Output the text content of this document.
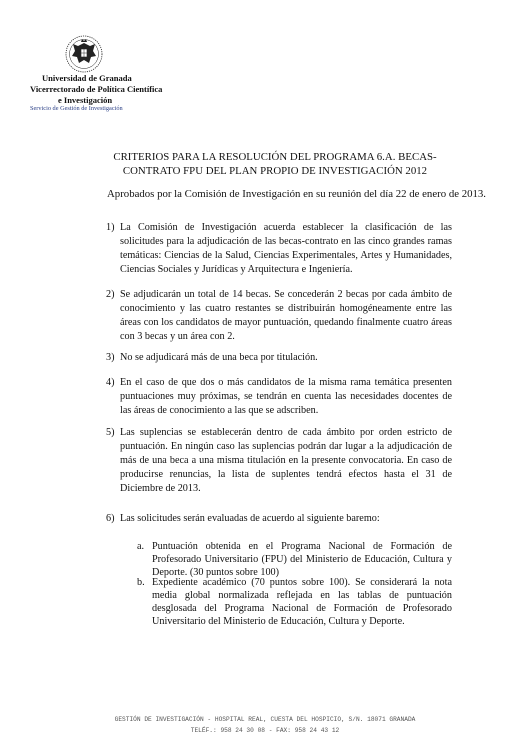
Universidad de Granada
Vicerrectorado de Política Científica
e Investigación
Servicio de Gestión de Investigación
CRITERIOS PARA LA RESOLUCIÓN DEL PROGRAMA 6.A. BECAS-
CONTRATO FPU DEL PLAN PROPIO DE INVESTIGACIÓN 2012
Aprobados por la Comisión de Investigación en su reunión del día 22 de enero de 2013.
1) La Comisión de Investigación acuerda establecer la clasificación de las solicitudes para la adjudicación de las becas-contrato en las cinco grandes ramas temáticas: Ciencias de la Salud, Ciencias Experimentales, Artes y Humanidades, Ciencias Sociales y Jurídicas y Arquitectura e Ingeniería.
2) Se adjudicarán un total de 14 becas. Se concederán 2 becas por cada ámbito de conocimiento y las cuatro restantes se distribuirán homogéneamente entre las áreas con los candidatos de mayor puntuación, quedando finalmente cuatro áreas con 3 becas y un área con 2.
3) No se adjudicará más de una beca por titulación.
4) En el caso de que dos o más candidatos de la misma rama temática presenten puntuaciones muy próximas, se tendrán en cuenta las necesidades docentes de las áreas de conocimiento a las que se adscriben.
5) Las suplencias se establecerán dentro de cada ámbito por orden estricto de puntuación. En ningún caso las suplencias podrán dar lugar a la adjudicación de más de una beca a una misma titulación en la presente convocatoria. En caso de producirse renuncias, la lista de suplentes tendrá efectos hasta el 31 de Diciembre de 2013.
6) Las solicitudes serán evaluadas de acuerdo al siguiente baremo:
a. Puntuación obtenida en el Programa Nacional de Formación de Profesorado Universitario (FPU) del Ministerio de Educación, Cultura y Deporte. (30 puntos sobre 100)
b. Expediente académico (70 puntos sobre 100). Se considerará la nota media global normalizada reflejada en las tablas de puntuación desglosada del Programa Nacional de Formación de Profesorado Universitario del Ministerio de Educación, Cultura y Deporte.
GESTIÓN DE INVESTIGACIÓN - HOSPITAL REAL, CUESTA DEL HOSPICIO, S/N. 18071 GRANADA
TELÉF.: 958 24 30 08 - FAX: 958 24 43 12
